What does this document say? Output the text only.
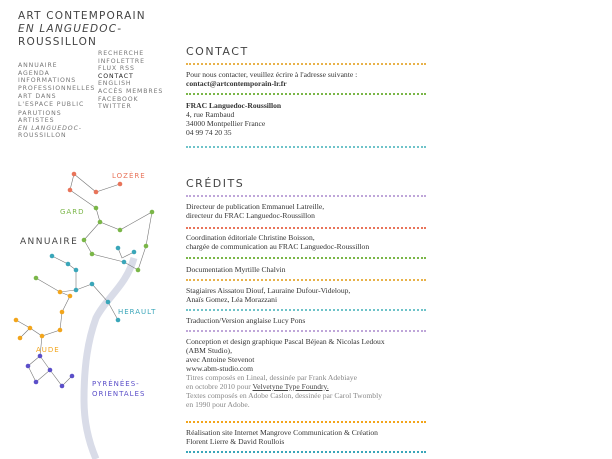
ART CONTEMPORAIN
EN LANGUEDOC-
ROUSSILLON
ANNUAIRE
AGENDA
INFORMATIONS
PROFESSIONNELLES
ART DANS
L'ESPACE PUBLIC
PARUTIONS
ARTISTES
EN LANGUEDOC-
ROUSSILLON
RECHERCHE
INFOLETTRE
FLUX RSS
CONTACT
ENGLISH
ACCÈS MEMBRES
FACEBOOK
TWITTER
CONTACT
Pour nous contacter, veuillez écrire à l'adresse suivante :
contact@artcontemporain-lr.fr
FRAC Languedoc-Roussillon
4, rue Rambaud
34000 Montpellier France
04 99 74 20 35
CRÉDITS
Directeur de publication Emmanuel Latreille,
directeur du FRAC Languedoc-Roussillon
Coordination éditoriale Christine Boisson,
chargée de communication au FRAC Languedoc-Roussillon
Documentation Myrtille Chalvin
Stagiaires Aissatou Diouf, Lauraine Dufour-Videloup,
Anaïs Gomez, Léa Morazzani
Traduction/Version anglaise Lucy Pons
Conception et design graphique Pascal Béjean & Nicolas Ledoux
(ABM Studio),
avec Antoine Stevenot
www.abm-studio.com
Titres composés en Lineal, dessinée par Frank Adebiaye
en octobre 2010 pour Velvetyne Type Foundry.
Textes composés en Adobe Caslon, dessinée par Carol Twombly
en 1990 pour Adobe.
Réalisation site Internet Mangrove Communication & Création
Florent Lierre & David Roullois
LOZÈRE
GARD
ANNUAIRE
HERAULT
AUDE
PYRÉNÉES-
ORIENTALES
